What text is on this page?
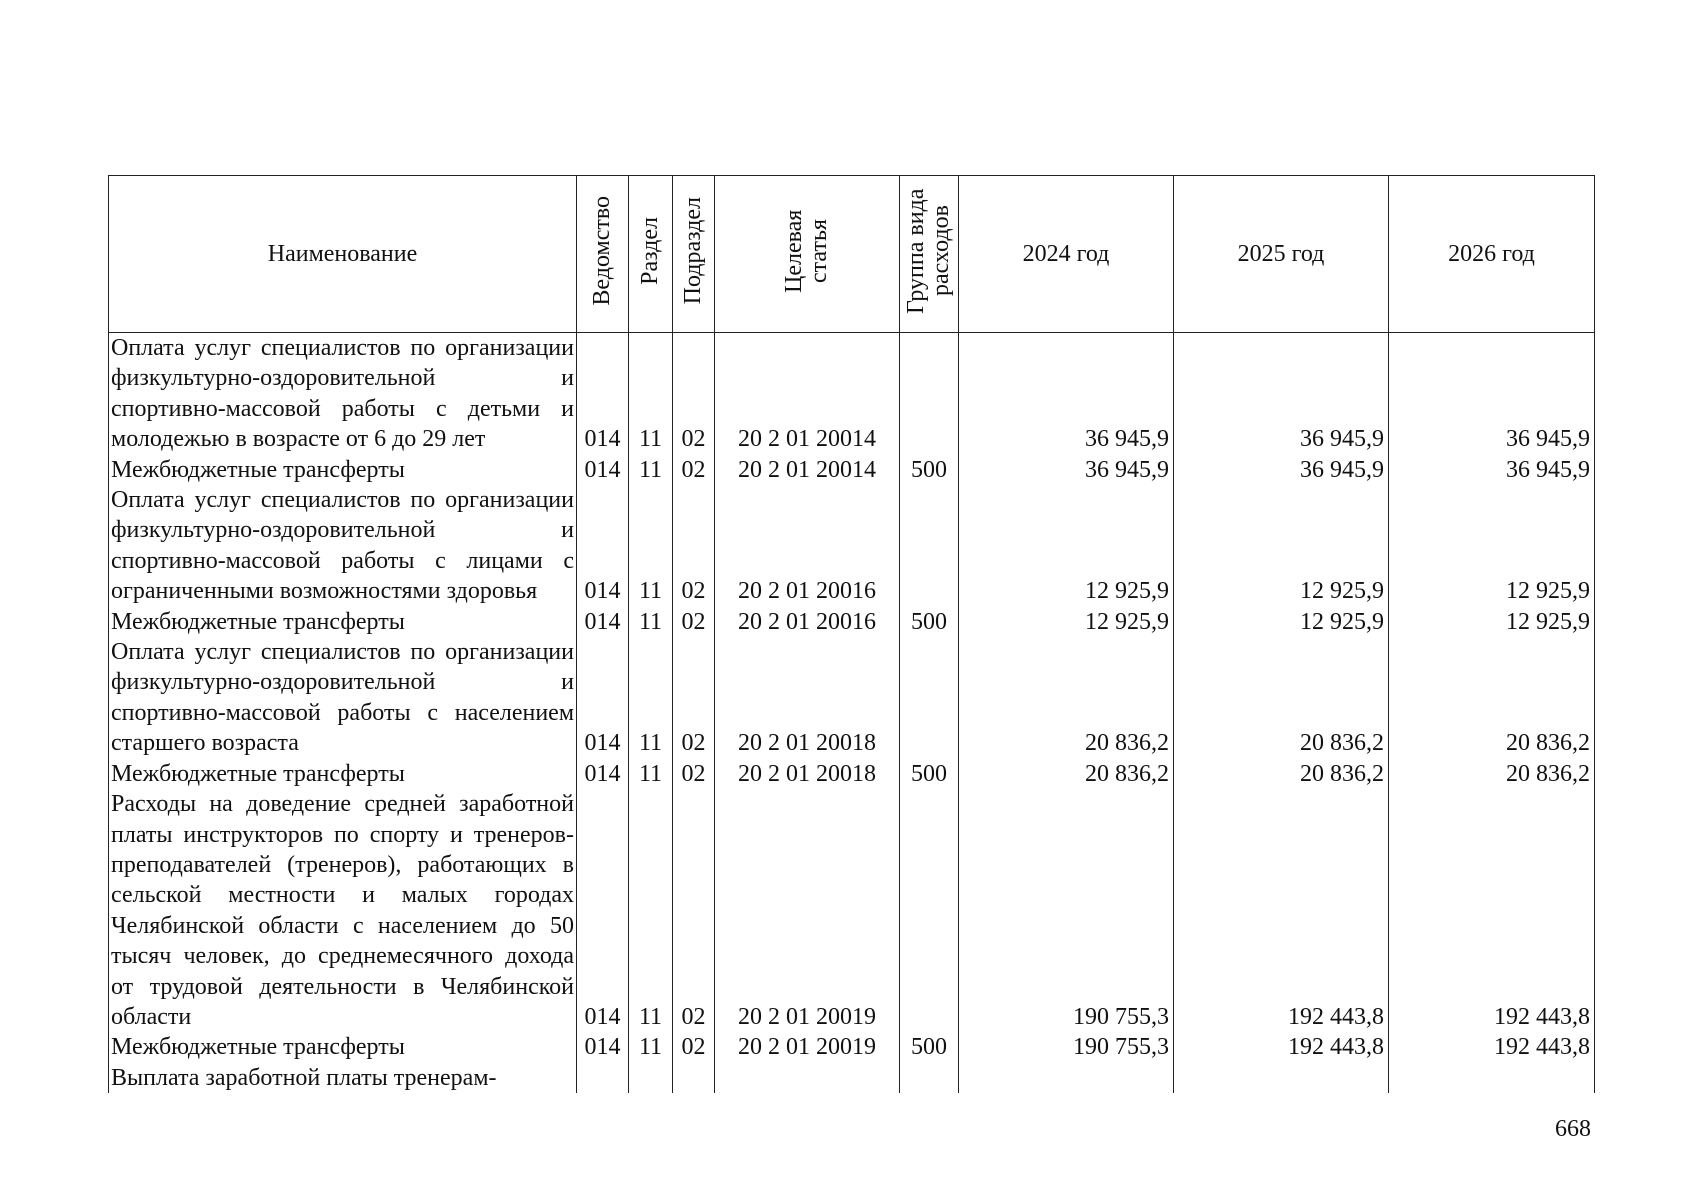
Наименование	Ведомство	Раздел	Подраздел	Целевая статья	Группа вида расходов	2024 год	2025 год	2026 год
Оплата услуг специалистов по организации физкультурно-оздоровительной и спортивно-массовой работы с детьми и молодежью в возрасте от 6 до 29 лет	014	11	02	20 2 01 20014		36 945,9	36 945,9	36 945,9
Межбюджетные трансферты	014	11	02	20 2 01 20014	500	36 945,9	36 945,9	36 945,9
Оплата услуг специалистов по организации физкультурно-оздоровительной и спортивно-массовой работы с лицами с ограниченными возможностями здоровья	014	11	02	20 2 01 20016		12 925,9	12 925,9	12 925,9
Межбюджетные трансферты	014	11	02	20 2 01 20016	500	12 925,9	12 925,9	12 925,9
Оплата услуг специалистов по организации физкультурно-оздоровительной и спортивно-массовой работы с населением старшего возраста	014	11	02	20 2 01 20018		20 836,2	20 836,2	20 836,2
Межбюджетные трансферты	014	11	02	20 2 01 20018	500	20 836,2	20 836,2	20 836,2
Расходы на доведение средней заработной платы инструкторов по спорту и тренеров-преподавателей (тренеров), работающих в сельской местности и малых городах Челябинской области с населением до 50 тысяч человек, до среднемесячного дохода от трудовой деятельности в Челябинской области	014	11	02	20 2 01 20019		190 755,3	192 443,8	192 443,8
Межбюджетные трансферты	014	11	02	20 2 01 20019	500	190 755,3	192 443,8	192 443,8
Выплата заработной платы тренерам-								
668
